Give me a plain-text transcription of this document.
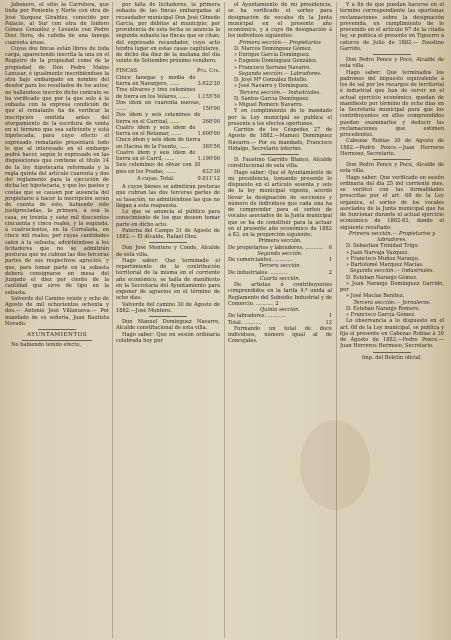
Jabonero, el sitio la Carretera, que linda por Poniente y Norte con otra de José Vazquez Giraldes, conocido por Palacio, al Sur con otra de Isidoro Gómez González y Levante con Pedro Diez Nora, de cabida de una fanega cuarenta áreas.

Cuyas dos fincas están libres de toda carga, apareciendo inscrita la una en el Registro de la propiedad como de la propiedad de Don Pedro Matos Lanusar, é igualmente inscribiéndose la otra bajo embargado en nombre del deudor para los resultados de los autos; no hallándose inscrito dicho contrato se ha verificado que por la que solo á la subasta con la expresa condición de que el rematante ha de verificar la inscripción omitida antes del otorgamiento de la escritura de venta en el término que sea suficiente y está hipotecada; para cuyo efecto el expresado rematante presentará todo lo que al interesado en el embargo podrá hacer, según lo expresado en las disposiciones que contiene el título 14 de la ley hipotecaria reformada y la regla quinta del artículo cuarenta y dos del reglamento para la ejecución de dicha ley hipotecaria, y que los gastos y costas que se causen por ausencia del propietario á hacer la inscripción serán de cuenta de éste, habiendo sido justipreciadas, la primera, á esa la casa, en treinta y siete mil doscientos cincuenta y cinco reales, y la segunda, á cuatrocientos, en la Corralada, en cinco mil reales; por cuyas cantidades salen á la subasta; advirtiéndose á los licitadores que no se admitirán posturas que no cubran las dos terceras partes de sus respectivos aprecios, y que, para tomar parte en la subasta deberá consignarse en mesa del Juzgado el diez por ciento de la cantidad que sirve de tipo en la subasta.

Valverde del Camino veinte y ocho de Agosto de mil ochocientos ochenta y dos.— Antonio José Villanueva.— Por mandado de su señoría, Juan Bautista Novado.

AYUNTAMIENTOS

No habiendo tenido efecto,

por falta de licitadores, la primera subasta de las fincas embargadas al recaudador municipal Don José Olmedo Garcia, por débitos al municipio; por providencia de esta fecha se anuncia la segunda subasta las fincas que se citan; del expresado recaudador, cuyo acto tendrá lugar en estas casas capitulares, de dicho día diez de la mañana del día veinte de Setiembre próximo venidero.

FINCAS	Pts. Cts.
Cinco fanegas y media de tierra en Naranjero, ......	3.622'20
Tres olivares y tres celemines de tierra en los Volares, ......	1.155'50
Dos ídem en cuarenta nuevas, ......	150'00
Dos ídem y seis celemines de tierra en el Carrizal, ......	268'00
Cuatro ídem y seis ídem de tierra en el Retamar, ......	1.600'00
Cinco ídem y seis ídem de tierra en Hacina de la Fuente, ......	365'56
Cuatro ídem y seis ídem de tierra en el Carril, ......	1.190'00
Seis celemines de olivar con 30 pies en los Pradas, ......	633'30
A cuyas. Total.	9.011'12

A cuyos bienes se admitirán posturas que cubran las dos terceras partes de su tasación, no admitiéndose las que no llegan á esta reapuesta.

Lo que se anuncia al público para conocimiento de los que deseen tomar parte en dicho acto.

Paterna del Campo 31 de Agosto de 1882.— El Alcalde, Rafael Diez.

Don José Montero y Conde, Alcalde de esta villa.

Hago saber: Que terminado el repartimiento de la contribución territorial de la misma en el corriente año económico, se halla de manifiesto en la Secretaria del Ayuntamiento para exponer de agravios en el término de ocho días.

Valverde del camino 30 de Agosto de 1882.—José Montero.

Don Manuel Dominguez Navarro, Alcalde constitucional de esta villa.

Hago saber: Que en sesión ordinaria celebrada hoy por

el Ayuntamiento de mi presidencia, se ha verificado el sorteo para designación de vocales de la Junta municipal en el presente año económico, y á cuyo fin designación á los individuos siguientes:

Primera sección.— Propietarios

D. Marcos Domínguez Gómez.

» Enrique García Domínguez.

» Eugenio Domínguez González.

» Francisco Serrano Navarro.

Segunda sección.— Labradores.

D. José Mª González Botello.

» José Navarro y Domínguez.

Tercera sección.— Industriales.

D. Santos García Domínguez.

» Miguel Romero Navarro.

Y en cumplimiento de lo mandado por la Ley municipal se publica el presente á los efectos oportunos.

Carrión de los Céspedes 27 de Agosto de 1882.—Manuel Dominguez Navarro.— Por su mandado, Francisco Hidalgo, Secretario interino.

D. Faustino Garrido Blanco, Alcalde constitucional de esta villa.

Hago saber: Que el Ayuntamiento de mi presidencia, tomando presente lo dispuesto en el artículo sesenta y seis de la ley municipal vigente, acordó llevar la designación de secciones y número de individuos que cada una ha de comprender para el sorteo de vocales asociados de la Junta municipal que se ha de constituir para la actuar en el presente año económico de 1882 á 83, en la proporción siguiente:

Primera sección.

De propietarios y labradores. ...........	6

Segunda sección.

De comerciantes. ...........	1

Tercera sección.

De industriales. ...........	2

Cuarta sección.

De artistas ó contribuyentes comprendidos en la tarifa 4.ª unida al Reglamento del Subsidio Industrial y de Comercio. ........... 2

Quinta sección.

De labradores. ...........	1
Total. ...........	12

Formando un total de doce individuos, número igual al de Concejales.

Y á fin de que puedan hacerse en el término correspondiente las oportunas reclamaciones sobre la designación prevenida, en cumplimiento de lo prevenido en el artículo 67 de la citada ley, se publica el presente en Tiguerro á catorce de Julio de 1882.— Faustino Garrido.

Don Pedro Ponce y Poce, Alcalde de esta villa.

Hago saber: Que terminados los padrones del impuesto equivalente á los de sal por los recargos de territorial é industrial que han de servir en el actual ejercicio económico, quedan de manifiesto por término de ocho días en la Secretaria municipal para que los contribuyentes en ellos comprendidos puedan examinarlos y deducir las reclamaciones que estimen procedentes.

Cabezas Rubias 30 de Agosto de 1882.—Pedro Ponce.—Juan Herreros Hermoso, Secretario.

Don Pedro Ponce y Poce, Alcalde de esta villa.

Hago saber: Que verificado en sesión ordinaria del día 25 del corriente mes, se verificó con las formalidades prescritas por el art. 68 de la Ley orgánica, el sorteo de los vocales asociados de la Junta municipal que ha de funcionar durante el actual ejercicio económico de 1882-83, dando el siguiente resultado:

Primera sección.— Propietarios y labradores.

D. Sebastian Trinidad Trigo.

» Juan Narvaja Vazquez.

» Francisco Muñoz Naranjo.

» Bartolomé Marquez Macías.

Segunda sección.— Industriales.

D. Esteban Naranjo Gómez.

» Juan Naranjo Dominguez Garrido, por

» José Macías Benitez.

Tercera sección.— Jornaleros.

D. Esteban Naranjo Romero.

» Francisco García Gómez.

Lo observancia á lo dispuesto en el art. 68 de la Ley municipal, se publica y fija el presente en Cabezas Rubias á 30 de Agosto de 1882.—Pedro Ponce.—Juan Herreros Hermoso, Secretario.

Imp. del Boletín oficial.
